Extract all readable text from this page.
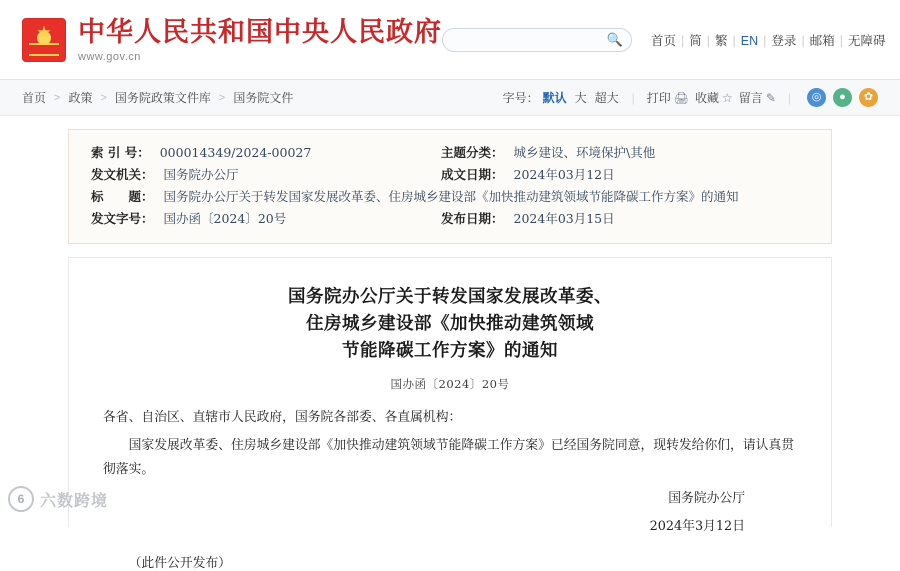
★
中华人民共和国中央人民政府
www.gov.cn
🔍	首页 | 简 | 繁 | EN | 登录 | 邮箱 | 无障碍
首页 > 政策 > 国务院政策文件库 > 国务院文件	字号： 默认 大 超大	|	打印 🖨 收藏 ☆ 留言 ✎	|	◎	●	✿
索 引 号： 000014349/2024-00027	主题分类： 城乡建设、环境保护\其他
发文机关： 国务院办公厅	成文日期： 2024年03月12日
标　　题： 国务院办公厅关于转发国家发展改革委、住房城乡建设部《加快推动建筑领域节能降碳工作方案》的通知
发文字号： 国办函〔2024〕20号	发布日期： 2024年03月15日
国务院办公厅关于转发国家发展改革委、
住房城乡建设部《加快推动建筑领域
节能降碳工作方案》的通知
国办函〔2024〕20号
各省、自治区、直辖市人民政府，国务院各部委、各直属机构：
国家发展改革委、住房城乡建设部《加快推动建筑领域节能降碳工作方案》已经国务院同意，现转发给你们，请认真贯彻落实。
国务院办公厅
2024年3月12日
（此件公开发布）
6 六数跨境
